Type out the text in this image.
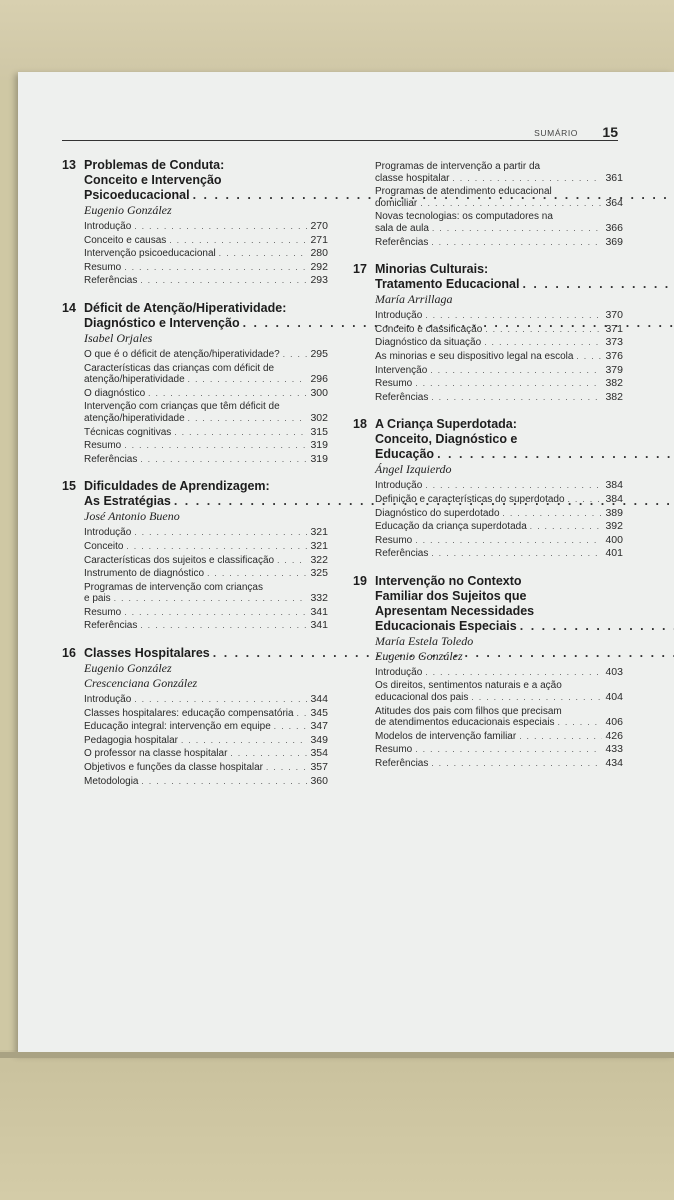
SUMÁRIO 15
13 Problemas de Conduta:
Conceito e Intervenção
Psicoeducacional
. . .
Eugenio González
Introdução . . .	270
Conceito e causas . . .	271
Intervenção psicoeducacional . . .	280
Resumo . . .	292
Referências . . .	293
14 Déficit de Atenção/Hiperatividade:
Diagnóstico e Intervenção
. . .
Isabel Orjales
O que é o déficit de atenção/hiperatividade? . . .	295
Características das crianças com déficit de
atenção/hiperatividade . . .	296
O diagnóstico . . .	300
Intervenção com crianças que têm déficit de
atenção/hiperatividade . . .	302
Técnicas cognitivas . . .	315
Resumo . . .	319
Referências . . .	319
15 Dificuldades de Aprendizagem:
As Estratégias
. . .
José Antonio Bueno
Introdução . . .	321
Conceito . . .	321
Características dos sujeitos e classificação . . .	322
Instrumento de diagnóstico . . .	325
Programas de intervenção com crianças
e pais . . .	332
Resumo . . .	341
Referências . . .	341
16 Classes Hospitalares
. . .
Eugenio González
Crescenciana González
Introdução . . .	344
Classes hospitalares: educação compensatória . . . 345
Educação integral: intervenção em equipe . . .	347
Pedagogia hospitalar . . .	349
O professor na classe hospitalar . . .	354
Objetivos e funções da classe hospitalar . . .	357
Metodologia . . .	360
Programas de intervenção a partir da
classe hospitalar . . .	361
Programas de atendimento educacional
domiciliar . . .	364
Novas tecnologias: os computadores na
sala de aula . . .	366
Referências . . .	369
17 Minorias Culturais:
Tratamento Educacional
. . .
María Arrillaga
Introdução . . .	370
Conceito e classificação . . .	371
Diagnóstico da situação . . .	373
As minorias e seu dispositivo legal na escola . . .	376
Intervenção . . .	379
Resumo . . .	382
Referências . . .	382
18 A Criança Superdotada:
Conceito, Diagnóstico e
Educação
. . .
Ángel Izquierdo
Introdução . . .	384
Definição e características do superdotado . . .	384
Diagnóstico do superdotado . . .	389
Educação da criança superdotada . . .	392
Resumo . . .	400
Referências . . .	401
19 Intervenção no Contexto
Familiar dos Sujeitos que
Apresentam Necessidades
Educacionais Especiais
. . .
María Estela Toledo
Eugenio González
Introdução . . .	403
Os direitos, sentimentos naturais e a ação
educacional dos pais . . .	404
Atitudes dos pais com filhos que precisam
de atendimentos educacionais especiais . . .	406
Modelos de intervenção familiar . . .	426
Resumo . . .	433
Referências . . .	434
